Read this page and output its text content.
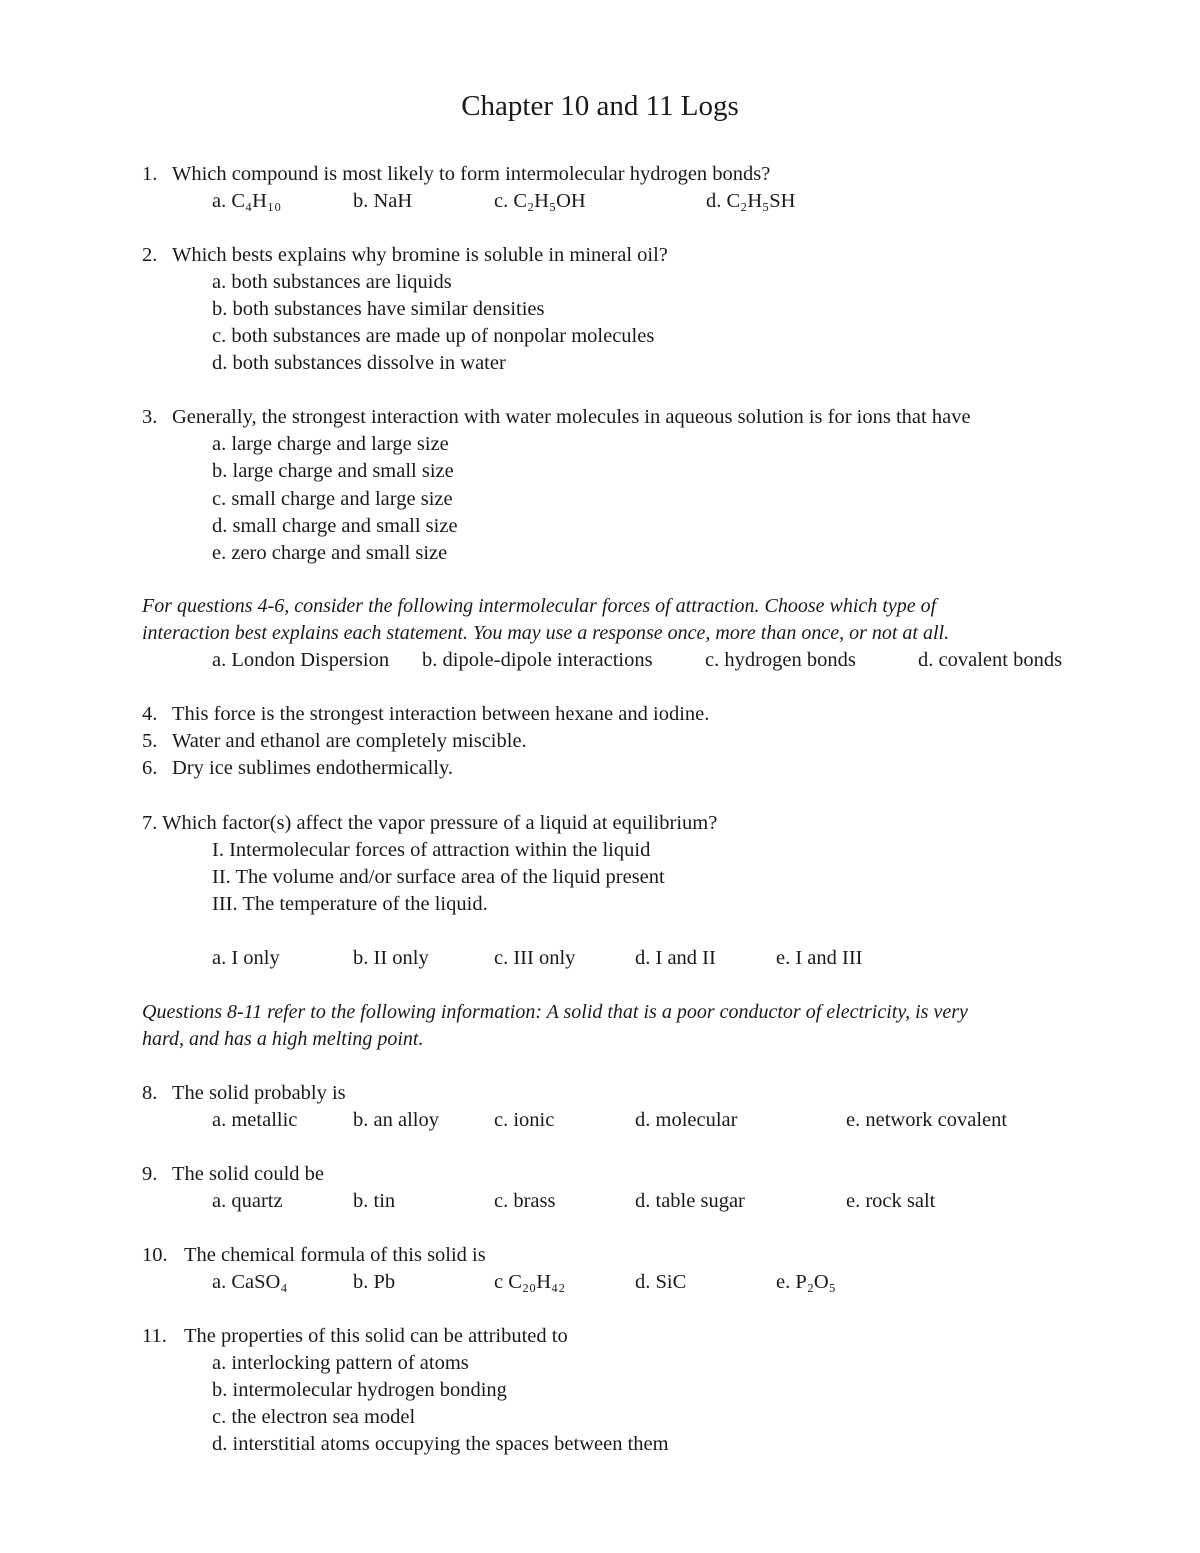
Chapter 10 and 11 Logs
1. Which compound is most likely to form intermolecular hydrogen bonds?
a. C₄H₁₀	b. NaH	c. C₂H₅OH	d. C₂H₅SH
2. Which bests explains why bromine is soluble in mineral oil?
a. both substances are liquids
b. both substances have similar densities
c. both substances are made up of nonpolar molecules
d. both substances dissolve in water
3. Generally, the strongest interaction with water molecules in aqueous solution is for ions that have
a. large charge and large size
b. large charge and small size
c. small charge and large size
d. small charge and small size
e. zero charge and small size
For questions 4-6, consider the following intermolecular forces of attraction. Choose which type of
interaction best explains each statement. You may use a response once, more than once, or not at all.
a. London Dispersion b. dipole-dipole interactions	c. hydrogen bonds	d. covalent bonds
4. This force is the strongest interaction between hexane and iodine.
5. Water and ethanol are completely miscible.
6. Dry ice sublimes endothermically.
7. Which factor(s) affect the vapor pressure of a liquid at equilibrium?
I. Intermolecular forces of attraction within the liquid
II. The volume and/or surface area of the liquid present
III. The temperature of the liquid.
a. I only	b. II only	c. III only	d. I and II	e. I and III
Questions 8-11 refer to the following information: A solid that is a poor conductor of electricity, is very
hard, and has a high melting point.
8. The solid probably is
a. metallic	b. an alloy	c. ionic	d. molecular	e. network covalent
9. The solid could be
a. quartz	b. tin	c. brass	d. table sugar	e. rock salt
10. The chemical formula of this solid is
a. CaSO₄	b. Pb	c C₂₀H₄₂	d. SiC	e. P₂O₅
11. The properties of this solid can be attributed to
a. interlocking pattern of atoms
b. intermolecular hydrogen bonding
c. the electron sea model
d. interstitial atoms occupying the spaces between them
